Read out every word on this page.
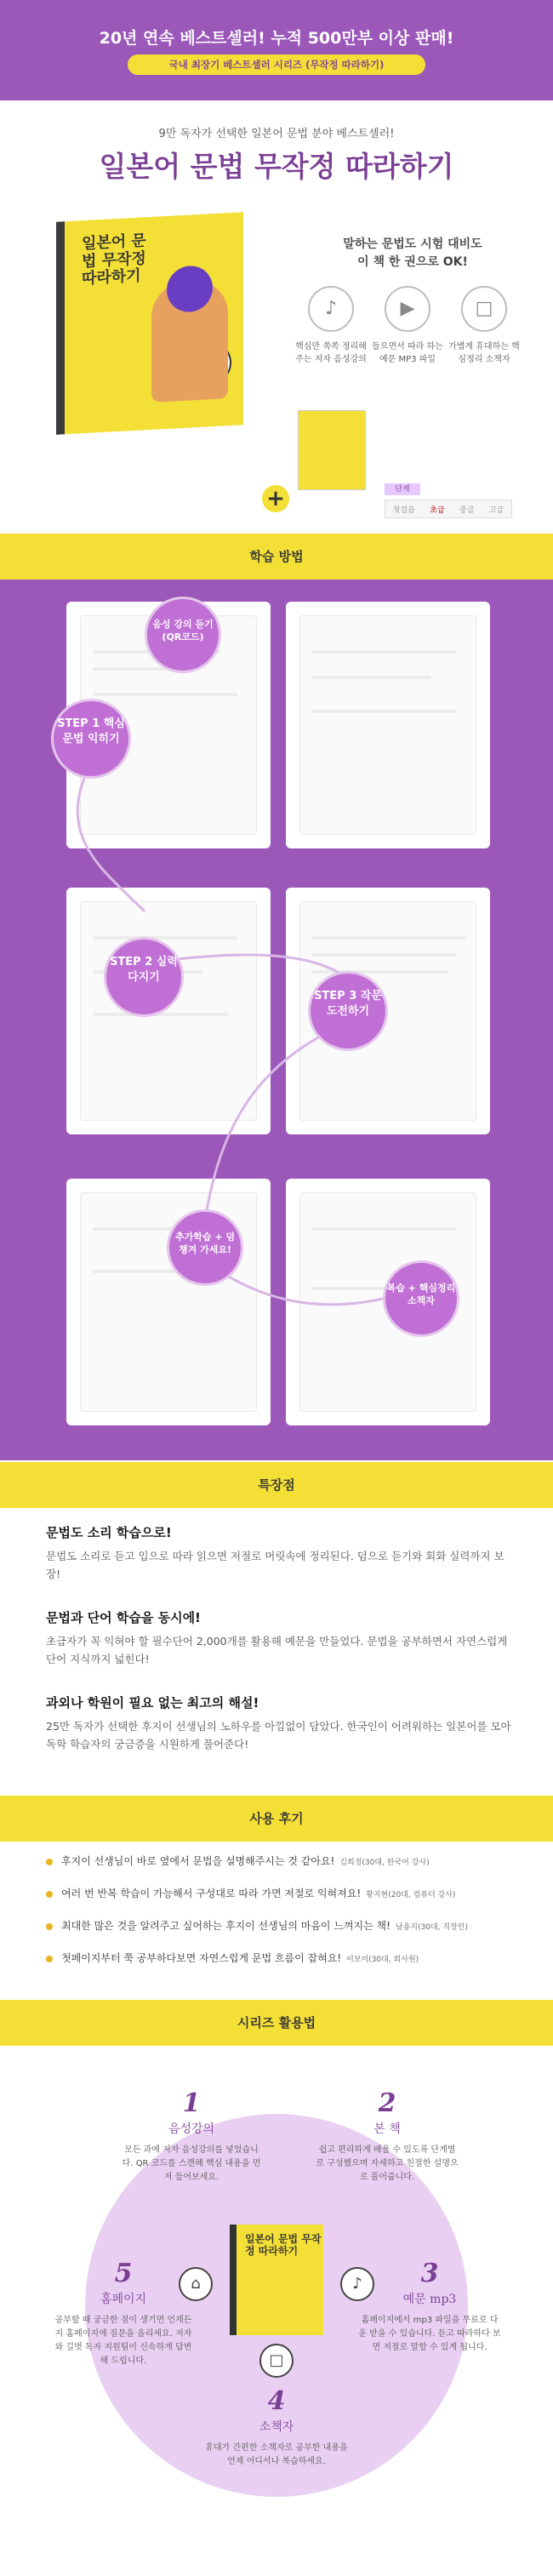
20년 연속 베스트셀러! 누적 500만부 이상 판매!
국내 최장기 베스트셀러 시리즈 (무작정 따라하기)
9만 독자가 선택한 일본어 문법 분야 베스트셀러!
일본어 문법 무작정 따라하기
일본어 문법 무작정 따라하기
+
말하는 문법도 시험 대비도
이 책 한 권으로 OK!
♪
핵심만 쏙쏙 정리해주는 저자 음성강의
▶
들으면서 따라 하는 예문 MP3 파일
□
가볍게 휴대하는 핵심정리 소책자
단계
첫걸음 초급 중급 고급
학습 방법
STEP 1 핵심문법 익히기
STEP 2 실력 다지기
STEP 3 작문 도전하기
음성 강의 듣기 (QR코드)
추가학습 + 덤 챙겨 가세요!
복습 + 핵심정리 소책자
특장점
문법도 소리 학습으로!
문법도 소리로 듣고 입으로 따라 읽으면 저절로 머릿속에 정리된다. 덤으로 듣기와 회화 실력까지 보장!
문법과 단어 학습을 동시에!
초급자가 꼭 익혀야 할 필수단어 2,000개를 활용해 예문을 만들었다. 문법을 공부하면서 자연스럽게 단어 지식까지 넓힌다!
과외나 학원이 필요 없는 최고의 해설!
25만 독자가 선택한 후지이 선생님의 노하우를 아낌없이 담았다. 한국인이 어려워하는 일본어를 모아 독학 학습자의 궁금증을 시원하게 풀어준다!
사용 후기
후지이 선생님이 바로 옆에서 문법을 설명해주시는 것 같아요! 김희정(30대, 한국어 강사)
여러 번 반복 학습이 가능해서 구성대로 따라 가면 저절로 익혀져요! 황지현(20대, 컴퓨터 강사)
최대한 많은 것을 알려주고 싶어하는 후지이 선생님의 마음이 느껴지는 책! 남용지(30대, 직장인)
첫페이지부터 쭉 공부하다보면 자연스럽게 문법 흐름이 잡혀요! 이보미(30대, 회사원)
시리즈 활용법
1
음성강의
모든 과에 저자 음성강의를 넣었습니다. QR 코드를 스캔해 핵심 내용을 먼저 들어보세요.
2
본 책
쉽고 편리하게 배울 수 있도록 단계별로 구성했으며 자세하고 친절한 설명으로 풀어줍니다.
3
예문 mp3
홈페이지에서 mp3 파일을 무료로 다운 받을 수 있습니다. 듣고 따라하다 보면 저절로 말할 수 있게 됩니다.
4
소책자
휴대가 간편한 소책자로 공부한 내용을 언제 어디서나 복습하세요.
5
홈페이지
공부할 때 궁금한 점이 생기면 언제든지 홈페이지에 질문을 올리세요. 저자와 길벗 독자 지원팀이 신속하게 답변해 드립니다.
일본어 문법 무작정 따라하기
⌂	♪
□
